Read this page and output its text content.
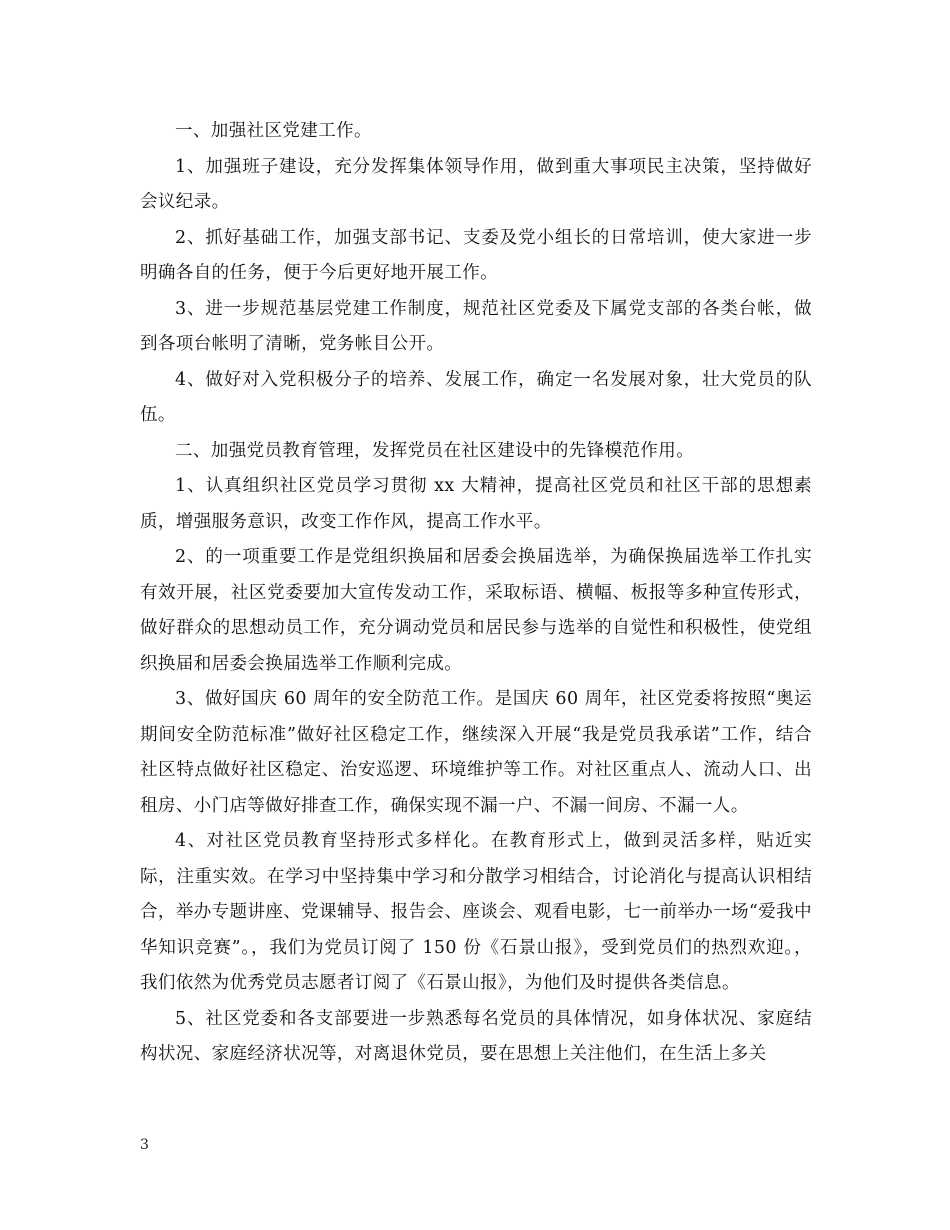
一、加强社区党建工作。

1、加强班子建设，充分发挥集体领导作用，做到重大事项民主决策，坚持做好会议纪录。

2、抓好基础工作，加强支部书记、支委及党小组长的日常培训，使大家进一步明确各自的任务，便于今后更好地开展工作。

3、进一步规范基层党建工作制度，规范社区党委及下属党支部的各类台帐，做到各项台帐明了清晰，党务帐目公开。

4、做好对入党积极分子的培养、发展工作，确定一名发展对象，壮大党员的队伍。

二、加强党员教育管理，发挥党员在社区建设中的先锋模范作用。

1、认真组织社区党员学习贯彻 xx 大精神，提高社区党员和社区干部的思想素质，增强服务意识，改变工作作风，提高工作水平。

2、的一项重要工作是党组织换届和居委会换届选举，为确保换届选举工作扎实有效开展，社区党委要加大宣传发动工作，采取标语、横幅、板报等多种宣传形式，做好群众的思想动员工作，充分调动党员和居民参与选举的自觉性和积极性，使党组织换届和居委会换届选举工作顺利完成。

3、做好国庆 60 周年的安全防范工作。是国庆 60 周年，社区党委将按照“奥运期间安全防范标准”做好社区稳定工作，继续深入开展“我是党员我承诺”工作，结合社区特点做好社区稳定、治安巡逻、环境维护等工作。对社区重点人、流动人口、出租房、小门店等做好排查工作，确保实现不漏一户、不漏一间房、不漏一人。

4、对社区党员教育坚持形式多样化。在教育形式上，做到灵活多样，贴近实际，注重实效。在学习中坚持集中学习和分散学习相结合，讨论消化与提高认识相结合，举办专题讲座、党课辅导、报告会、座谈会、观看电影，七一前举办一场“爱我中华知识竞赛”。，我们为党员订阅了 150 份《石景山报》，受到党员们的热烈欢迎。，我们依然为优秀党员志愿者订阅了《石景山报》，为他们及时提供各类信息。

5、社区党委和各支部要进一步熟悉每名党员的具体情况，如身体状况、家庭结构状况、家庭经济状况等，对离退休党员，要在思想上关注他们，在生活上多关

3
